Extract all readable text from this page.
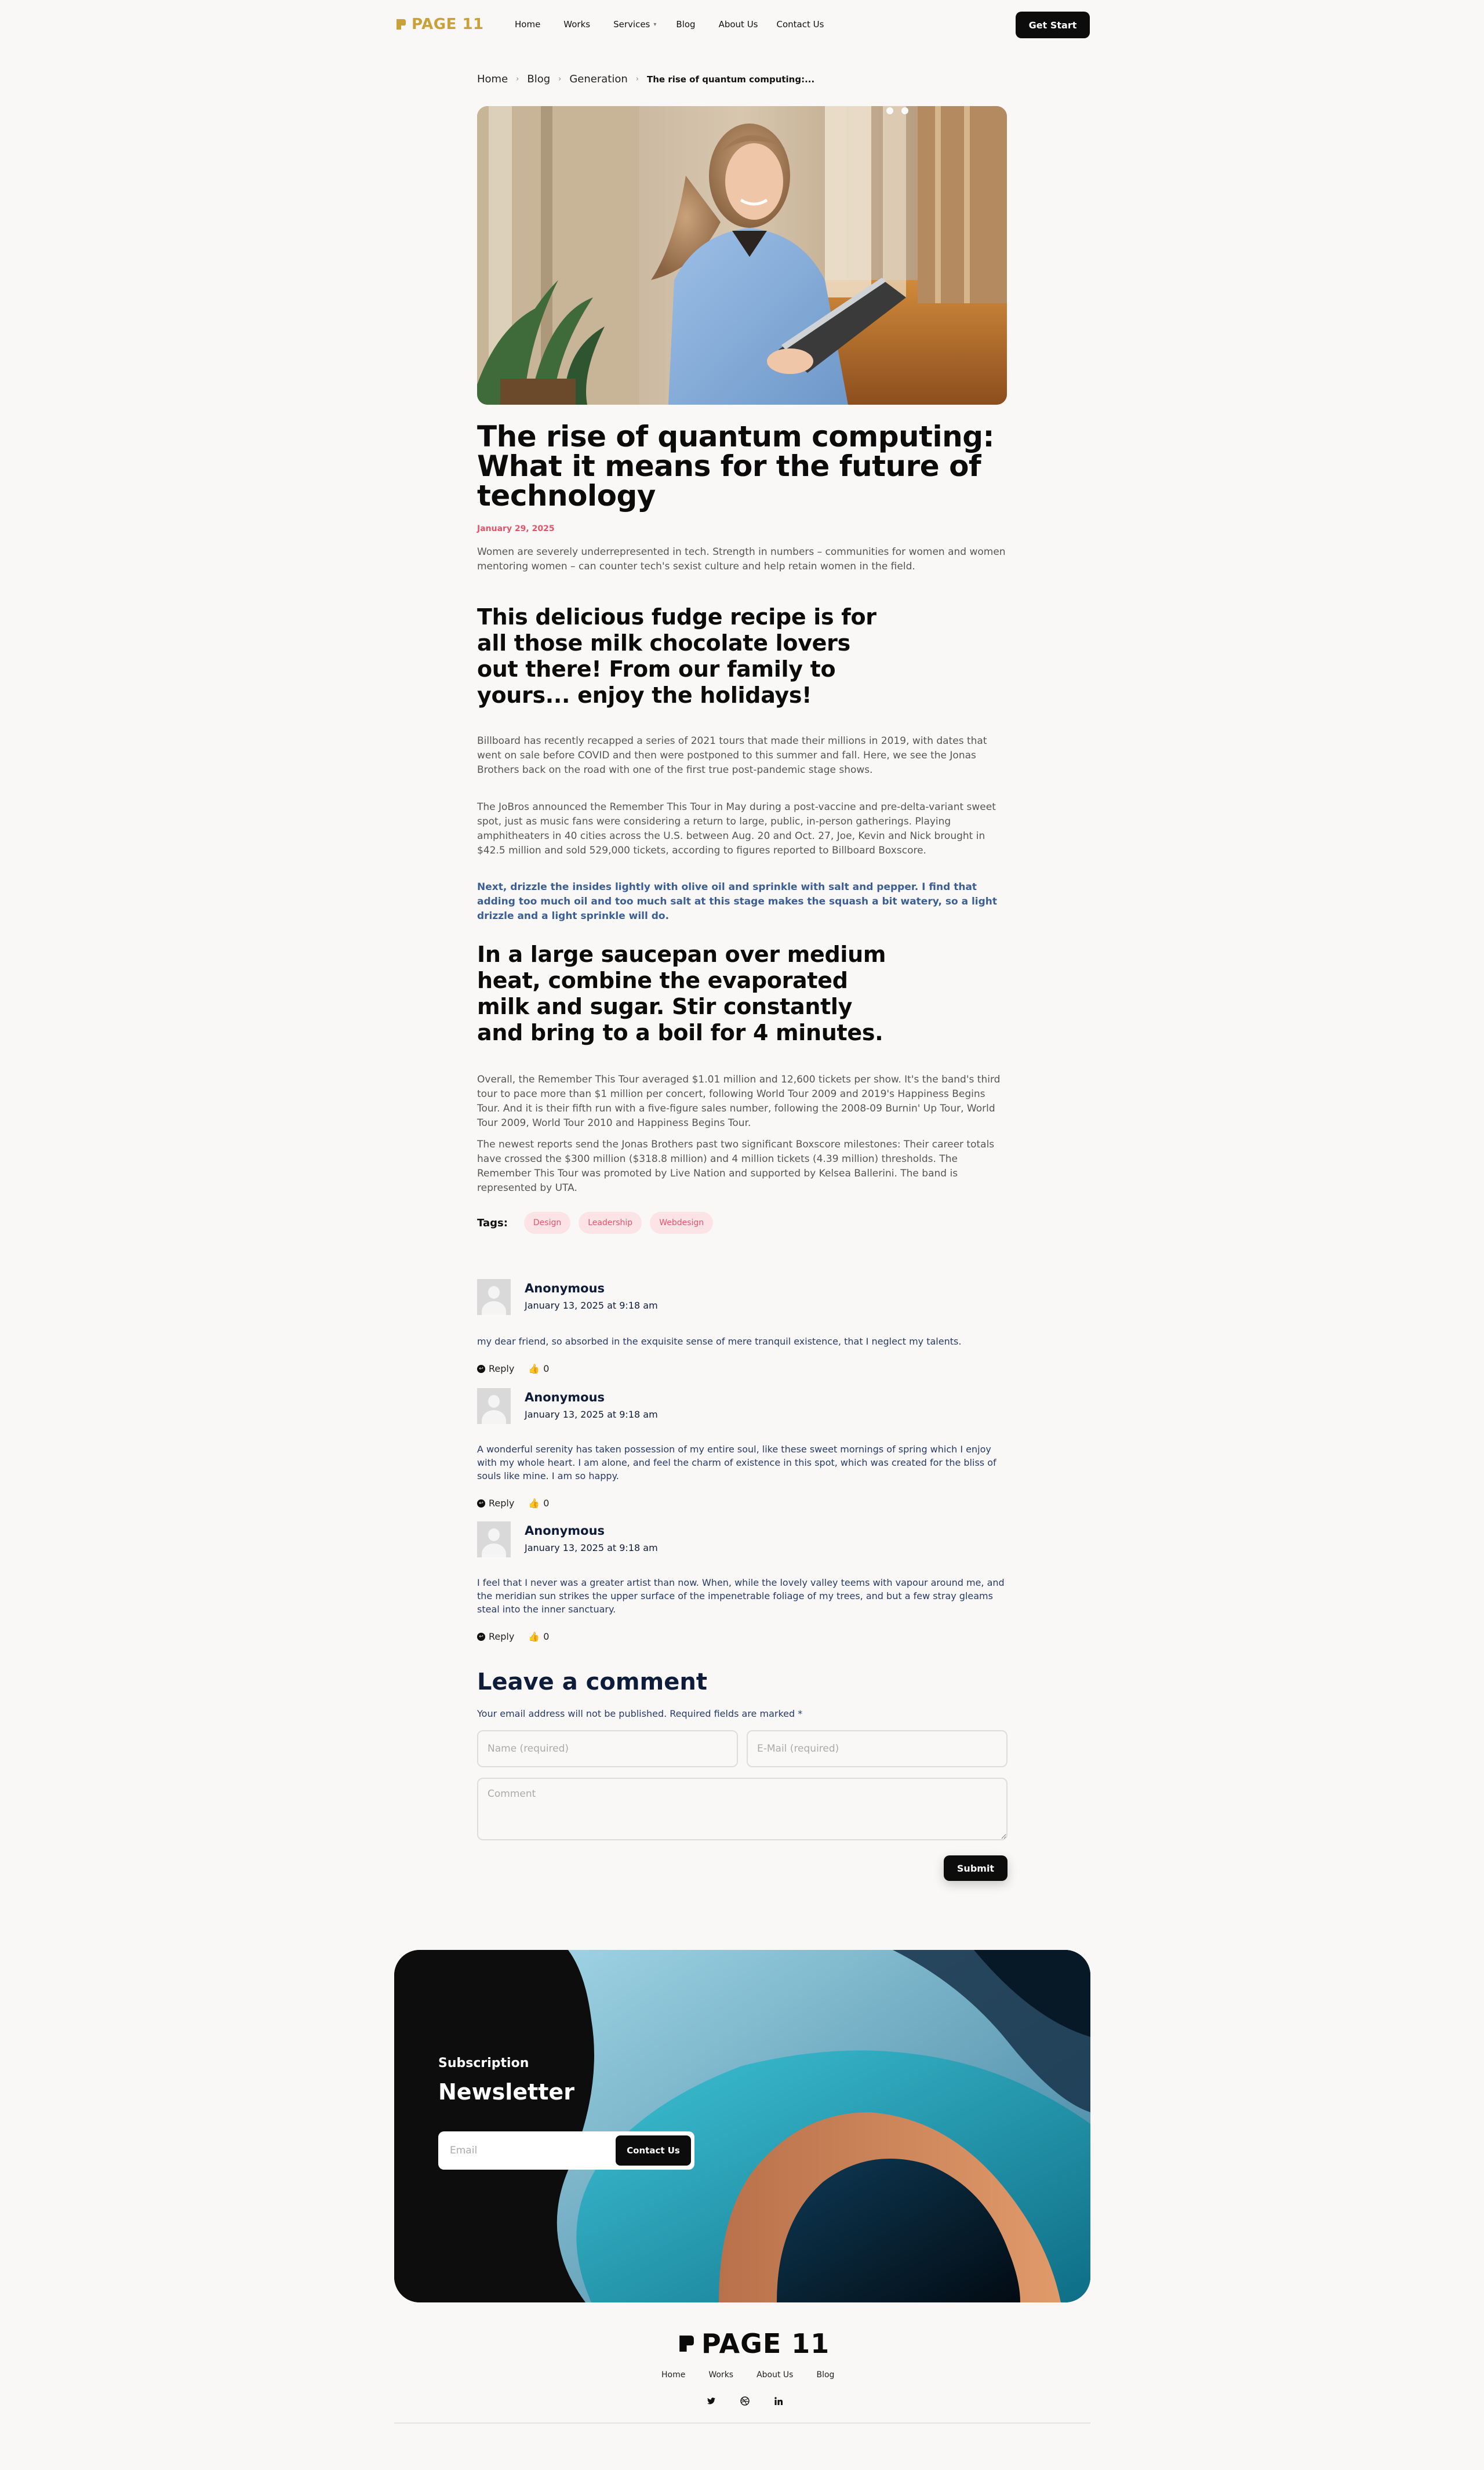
PAGE 11	Home	Works	Services ▾ Blog	About Us Contact Us	Get Start
Home › Blog › Generation › The rise of quantum computing:...
The rise of quantum computing: What it means for the future of technology
January 29, 2025

Women are severely underrepresented in tech. Strength in numbers – communities for women and women mentoring women – can counter tech's sexist culture and help retain women in the field.

This delicious fudge recipe is for all those milk chocolate lovers out there! From our family to yours... enjoy the holidays!

Billboard has recently recapped a series of 2021 tours that made their millions in 2019, with dates that went on sale before COVID and then were postponed to this summer and fall. Here, we see the Jonas Brothers back on the road with one of the first true post-pandemic stage shows.

The JoBros announced the Remember This Tour in May during a post-vaccine and pre-delta-variant sweet spot, just as music fans were considering a return to large, public, in-person gatherings. Playing amphitheaters in 40 cities across the U.S. between Aug. 20 and Oct. 27, Joe, Kevin and Nick brought in $42.5 million and sold 529,000 tickets, according to figures reported to Billboard Boxscore.

Next, drizzle the insides lightly with olive oil and sprinkle with salt and pepper. I find that adding too much oil and too much salt at this stage makes the squash a bit watery, so a light drizzle and a light sprinkle will do.

In a large saucepan over medium heat, combine the evaporated milk and sugar. Stir constantly and bring to a boil for 4 minutes.

Overall, the Remember This Tour averaged $1.01 million and 12,600 tickets per show. It's the band's third tour to pace more than $1 million per concert, following World Tour 2009 and 2019's Happiness Begins Tour. And it is their fifth run with a five-figure sales number, following the 2008-09 Burnin' Up Tour, World Tour 2009, World Tour 2010 and Happiness Begins Tour.

The newest reports send the Jonas Brothers past two significant Boxscore milestones: Their career totals have crossed the $300 million ($318.8 million) and 4 million tickets (4.39 million) thresholds. The Remember This Tour was promoted by Live Nation and supported by Kelsea Ballerini. The band is represented by UTA.

Tags:	Design	Leadership	Webdesign
Anonymous
January 13, 2025 at 9:18 am

my dear friend, so absorbed in the exquisite sense of mere tranquil existence, that I neglect my talents.

↩ Reply 👍 0
Anonymous
January 13, 2025 at 9:18 am

A wonderful serenity has taken possession of my entire soul, like these sweet mornings of spring which I enjoy with my whole heart. I am alone, and feel the charm of existence in this spot, which was created for the bliss of souls like mine. I am so happy.

↩ Reply 👍 0
Anonymous
January 13, 2025 at 9:18 am

I feel that I never was a greater artist than now. When, while the lovely valley teems with vapour around me, and the meridian sun strikes the upper surface of the impenetrable foliage of my trees, and but a few stray gleams steal into the inner sanctuary.

↩ Reply 👍 0
Leave a comment

Your email address will not be published. Required fields are marked *

Name (required)
E-Mail (required)
Comment
Submit
Subscription
Newsletter
Email
Contact Us
PAGE 11
Home	Works	About Us	Blog
